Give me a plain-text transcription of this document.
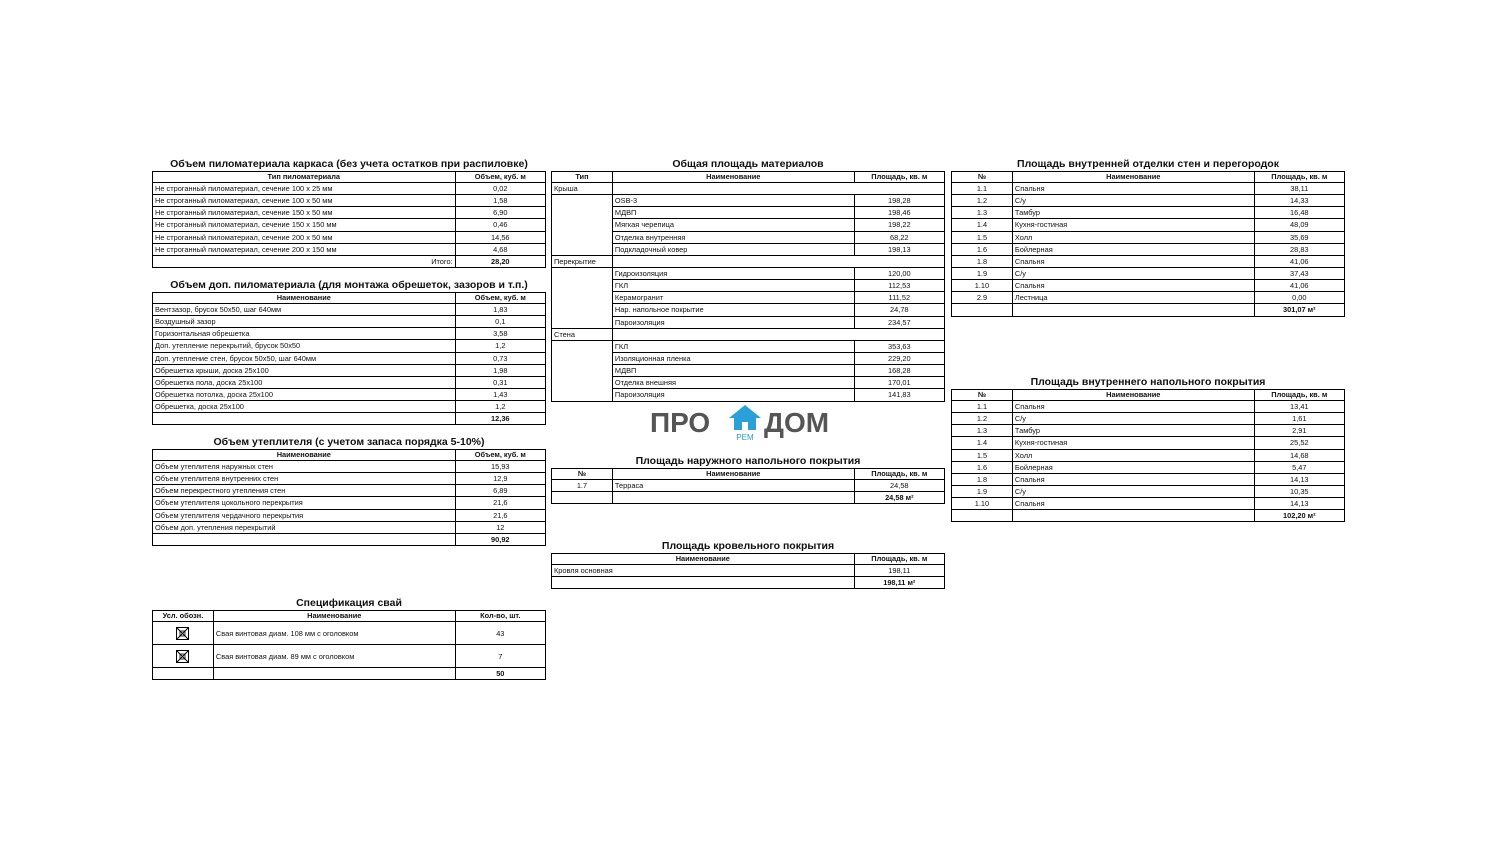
Объем пиломатериала каркаса (без учета остатков при распиловке)
Тип пиломатериала	Объем, куб. м
Не строганный пиломатериал, сечение 100 х 25 мм	0,02
Не строганный пиломатериал, сечение 100 х 50 мм	1,58
Не строганный пиломатериал, сечение 150 х 50 мм	6,90
Не строганный пиломатериал, сечение 150 х 150 мм	0,46
Не строганный пиломатериал, сечение 200 х 50 мм	14,56
Не строганный пиломатериал, сечение 200 х 150 мм	4,68
Итого:	28,20
Объем доп. пиломатериала (для монтажа обрешеток, зазоров и т.п.)
Наименование	Объем, куб. м
Вентзазор, брусок 50х50, шаг 640мм	1,83
Воздушный зазор	0,1
Горизонтальная обрешетка	3,58
Доп. утепление перекрытий, брусок 50х50	1,2
Доп. утепление стен, брусок 50х50, шаг 640мм	0,73
Обрешетка крыши, доска 25х100	1,98
Обрешетка пола, доска 25х100	0,31
Обрешетка потолка, доска 25х100	1,43
Обрешетка, доска 25х100	1,2
	12,36
Объем утеплителя (с учетом запаса порядка 5-10%)
Наименование	Объем, куб. м
Объем утеплителя наружных стен	15,93
Объем утеплителя внутренних стен	12,9
Объем перекрестного утепления стен	6,89
Объем утеплителя цокольного перекрытия	21,6
Объем утеплителя чердачного перекрытия	21,6
Объем доп. утепления перекрытий	12
	90,92
Спецификация свай
Усл. обозн.	Наименование	Кол-во, шт.

	Свая винтовая диам. 108 мм с оголовком	43

	Свая винтовая диам. 89 мм с оголовком	7
		50
Общая площадь материалов
Тип	Наименование	Площадь, кв. м
Крыша		
	OSB-3	198,28
	МДВП	198,46
	Мягкая черепица	198,22
	Отделка внутренняя	68,22
	Подкладочный ковер	198,13
Перекрытие		
	Гидроизоляция	120,00
	ГКЛ	112,53
	Керамогранит	111,52
	Нар. напольное покрытие	24,78
	Пароизоляция	234,57
Стена		
	ГКЛ	353,63
	Изоляционная пленка	229,20
	МДВП	168,28
	Отделка внешняя	170,01
	Пароизоляция	141,83
ПРО	РЕМ ДОМ
Площадь наружного напольного покрытия
№	Наименование	Площадь, кв. м
1.7	Терраса	24,58
		24,58 м²
Площадь кровельного покрытия
Наименование	Площадь, кв. м
Кровля основная	198,11
	198,11 м²
Площадь внутренней отделки стен и перегородок
№	Наименование	Площадь, кв. м
1.1	Спальня	38,11
1.2	С/у	14,33
1.3	Тамбур	16,48
1.4	Кухня-гостиная	48,09
1.5	Холл	35,69
1.6	Бойлерная	28,83
1.8	Спальня	41,06
1.9	С/у	37,43
1.10	Спальня	41,06
2.9	Лестница	0,00
		301,07 м²
Площадь внутреннего напольного покрытия
№	Наименование	Площадь, кв. м
1.1	Спальня	13,41
1.2	С/у	1,61
1.3	Тамбур	2,91
1.4	Кухня-гостиная	25,52
1.5	Холл	14,68
1.6	Бойлерная	5,47
1.8	Спальня	14,13
1.9	С/у	10,35
1.10	Спальня	14,13
		102,20 м²
